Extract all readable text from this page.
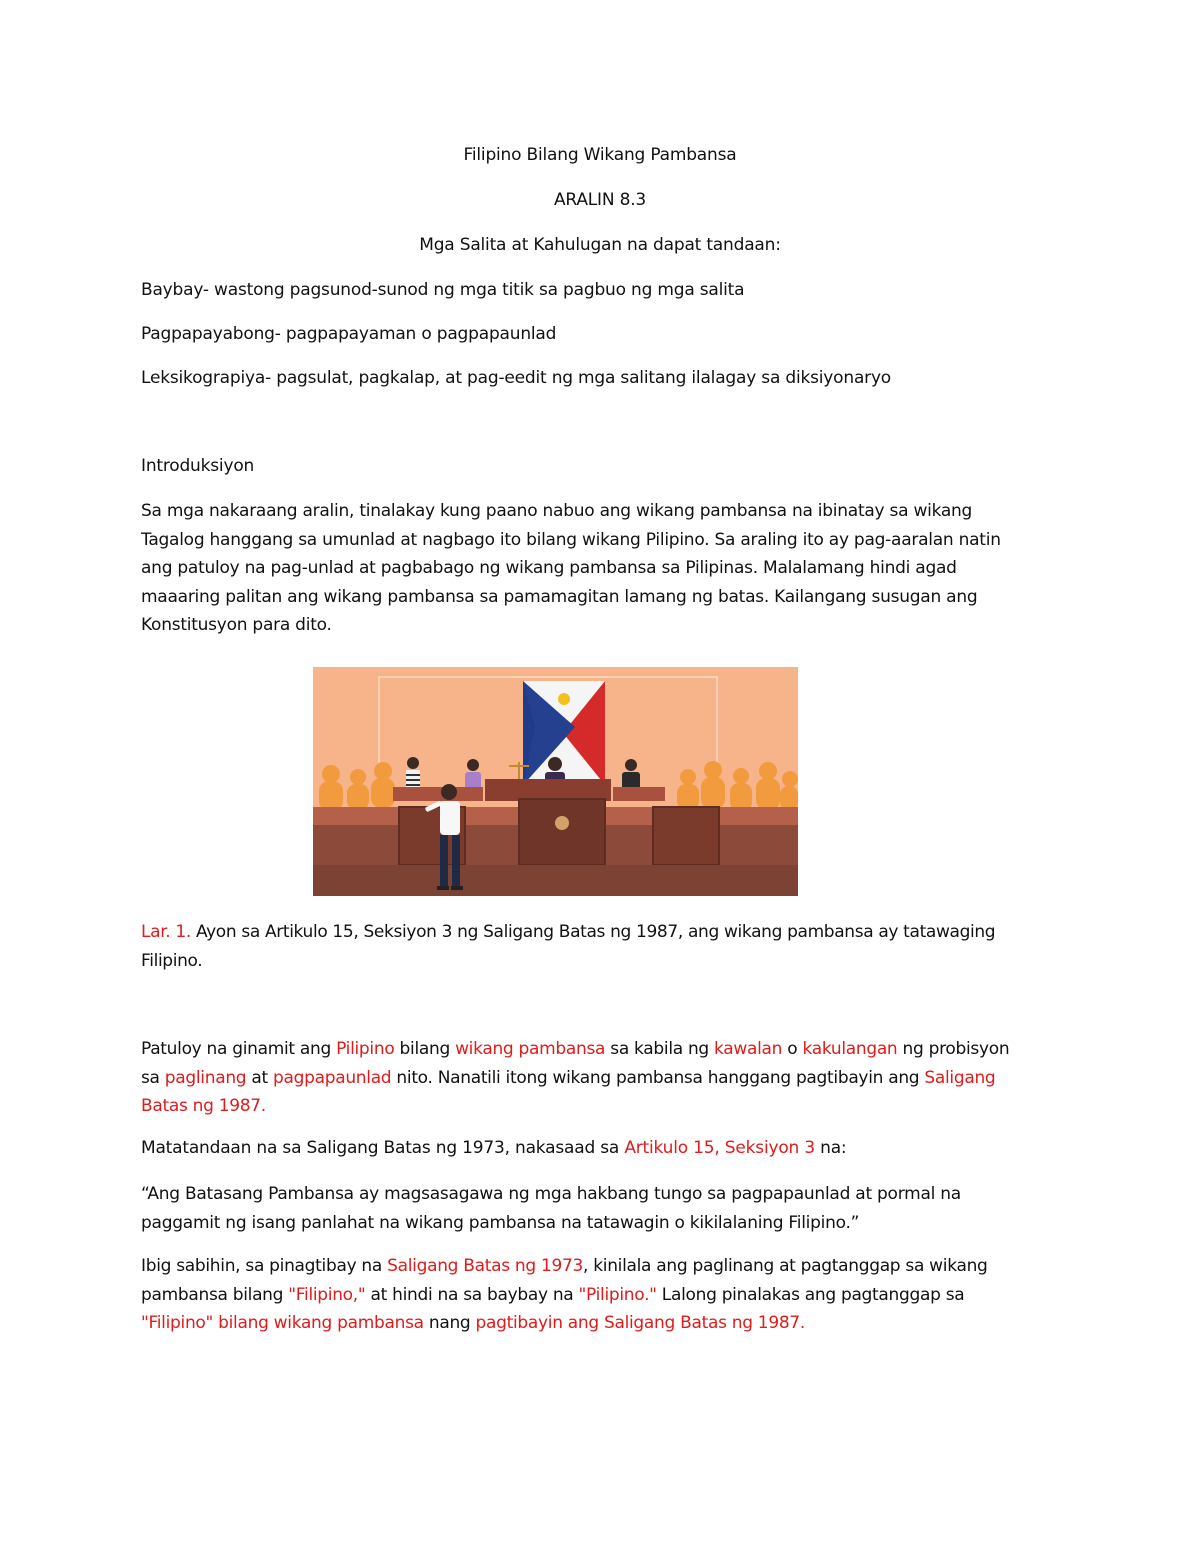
Filipino Bilang Wikang Pambansa
ARALIN 8.3
Mga Salita at Kahulugan na dapat tandaan:
Baybay- wastong pagsunod-sunod ng mga titik sa pagbuo ng mga salita
Pagpapayabong- pagpapayaman o pagpapaunlad
Leksikograpiya- pagsulat, pagkalap, at pag-eedit ng mga salitang ilalagay sa diksiyonaryo
Introduksiyon
Sa mga nakaraang aralin, tinalakay kung paano nabuo ang wikang pambansa na ibinatay sa wikang
Tagalog hanggang sa umunlad at nagbago ito bilang wikang Pilipino. Sa araling ito ay pag-aaralan natin
ang patuloy na pag-unlad at pagbabago ng wikang pambansa sa Pilipinas. Malalamang hindi agad
maaaring palitan ang wikang pambansa sa pamamagitan lamang ng batas. Kailangang susugan ang
Konstitusyon para dito.
Lar. 1. Ayon sa Artikulo 15, Seksiyon 3 ng Saligang Batas ng 1987, ang wikang pambansa ay tatawaging
Filipino.
Patuloy na ginamit ang Pilipino bilang wikang pambansa sa kabila ng kawalan o kakulangan ng probisyon
sa paglinang at pagpapaunlad nito. Nanatili itong wikang pambansa hanggang pagtibayin ang Saligang
Batas ng 1987.
Matatandaan na sa Saligang Batas ng 1973, nakasaad sa Artikulo 15, Seksiyon 3 na:
“Ang Batasang Pambansa ay magsasagawa ng mga hakbang tungo sa pagpapaunlad at pormal na
paggamit ng isang panlahat na wikang pambansa na tatawagin o kikilalaning Filipino.”
Ibig sabihin, sa pinagtibay na Saligang Batas ng 1973, kinilala ang paglinang at pagtanggap sa wikang
pambansa bilang "Filipino," at hindi na sa baybay na "Pilipino." Lalong pinalakas ang pagtanggap sa
"Filipino" bilang wikang pambansa nang pagtibayin ang Saligang Batas ng 1987.
